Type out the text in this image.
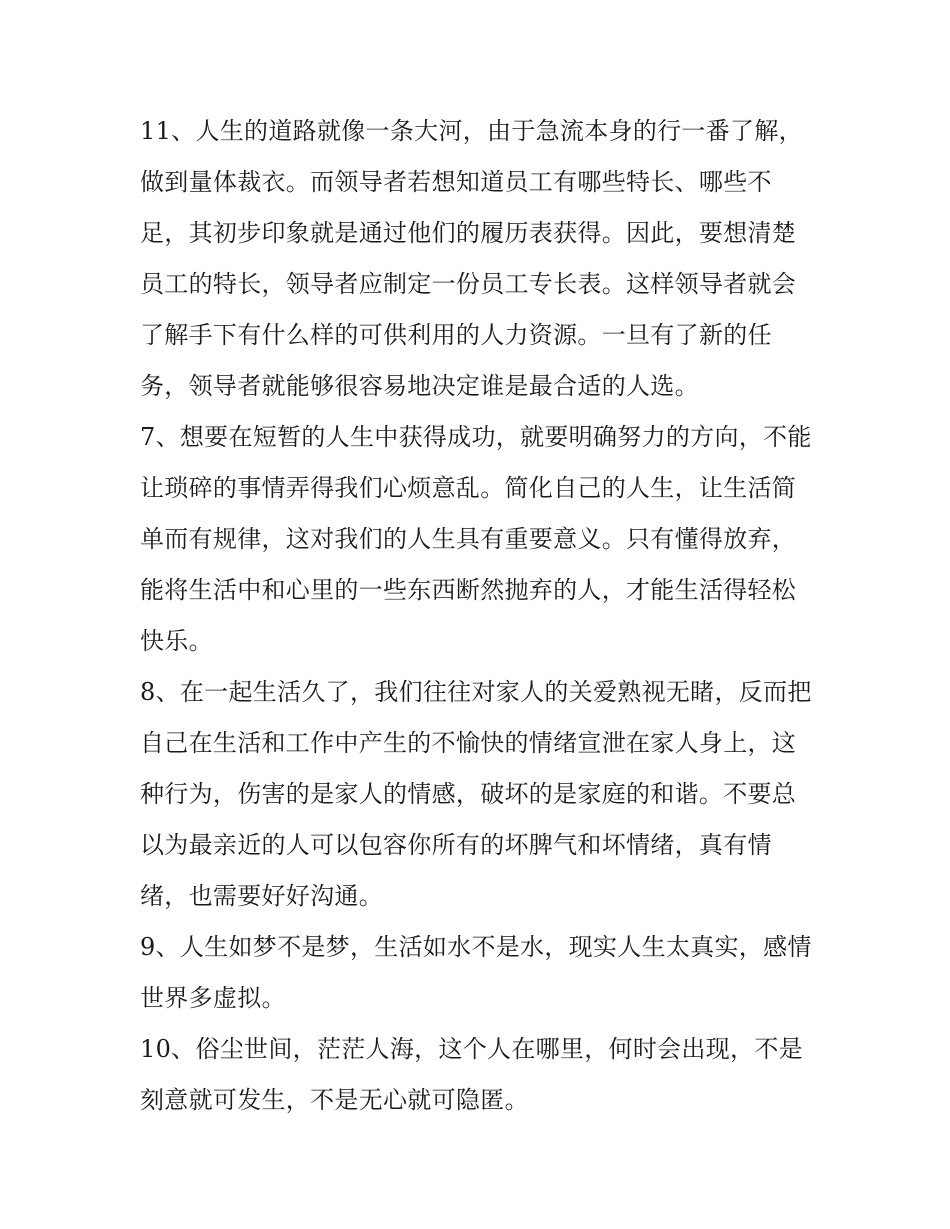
11、人生的道路就像一条大河，由于急流本身的行一番了解，做到量体裁衣。而领导者若想知道员工有哪些特长、哪些不足，其初步印象就是通过他们的履历表获得。因此，要想清楚员工的特长，领导者应制定一份员工专长表。这样领导者就会了解手下有什么样的可供利用的人力资源。一旦有了新的任务，领导者就能够很容易地决定谁是最合适的人选。

7、想要在短暂的人生中获得成功，就要明确努力的方向，不能让琐碎的事情弄得我们心烦意乱。简化自己的人生，让生活简单而有规律，这对我们的人生具有重要意义。只有懂得放弃，能将生活中和心里的一些东西断然抛弃的人，才能生活得轻松快乐。

8、在一起生活久了，我们往往对家人的关爱熟视无睹，反而把自己在生活和工作中产生的不愉快的情绪宣泄在家人身上，这种行为，伤害的是家人的情感，破坏的是家庭的和谐。不要总以为最亲近的人可以包容你所有的坏脾气和坏情绪，真有情绪，也需要好好沟通。

9、人生如梦不是梦，生活如水不是水，现实人生太真实，感情世界多虚拟。

10、俗尘世间，茫茫人海，这个人在哪里，何时会出现，不是刻意就可发生，不是无心就可隐匿。
